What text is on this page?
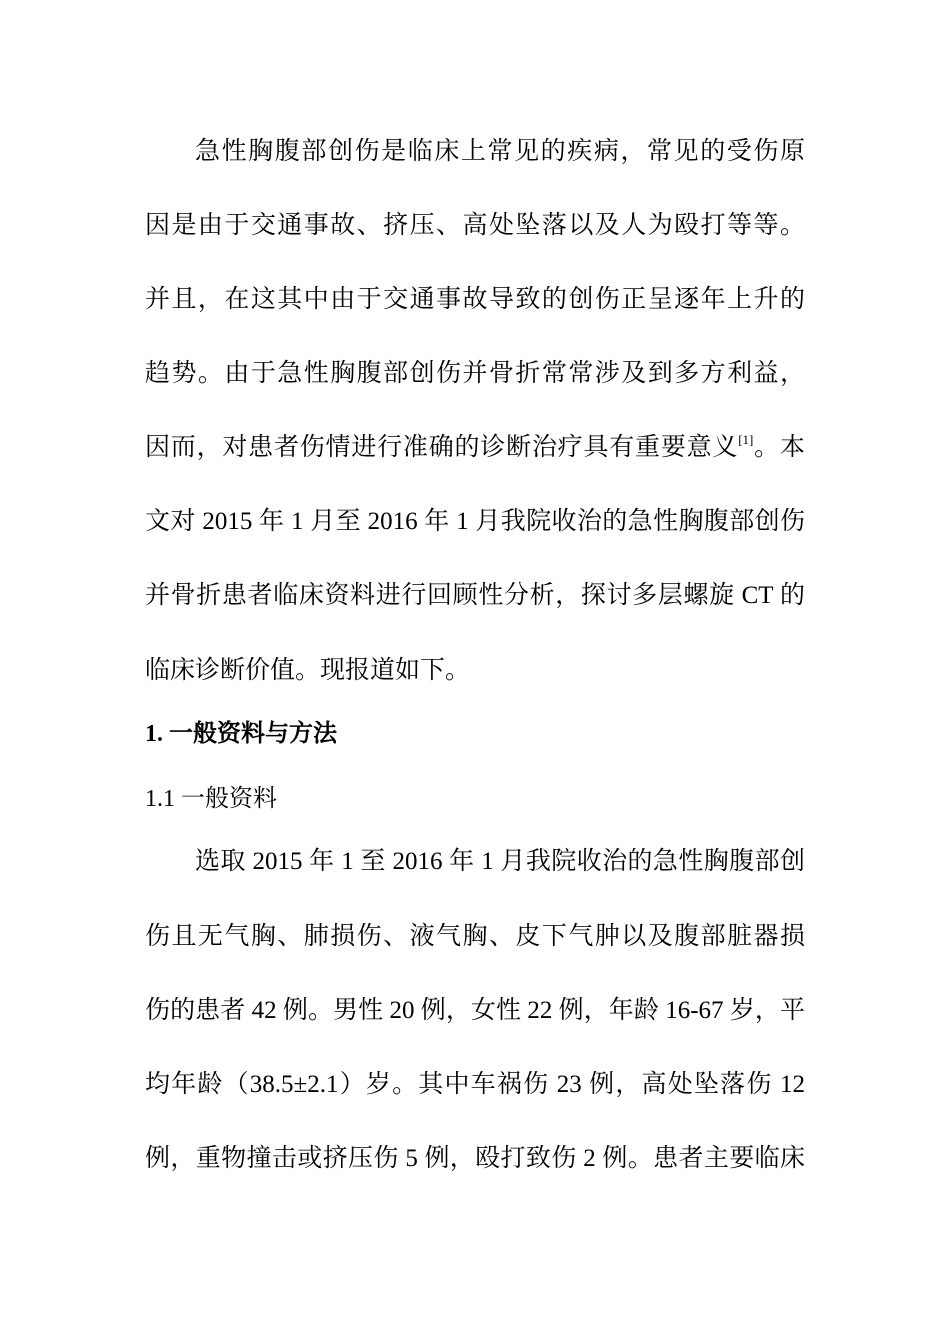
急性胸腹部创伤是临床上常见的疾病，常见的受伤原
因是由于交通事故、挤压、高处坠落以及人为殴打等等。
并且，在这其中由于交通事故导致的创伤正呈逐年上升的
趋势。由于急性胸腹部创伤并骨折常常涉及到多方利益，
因而，对患者伤情进行准确的诊断治疗具有重要意义[1]。本
文对 2015 年 1 月至 2016 年 1 月我院收治的急性胸腹部创伤
并骨折患者临床资料进行回顾性分析，探讨多层螺旋 CT 的
临床诊断价值。现报道如下。
1. 一般资料与方法
1.1 一般资料
选取 2015 年 1 至 2016 年 1 月我院收治的急性胸腹部创
伤且无气胸、肺损伤、液气胸、皮下气肿以及腹部脏器损
伤的患者 42 例。男性 20 例，女性 22 例，年龄 16-67 岁，平
均年龄（38.5±2.1）岁。其中车祸伤 23 例，高处坠落伤 12
例，重物撞击或挤压伤 5 例，殴打致伤 2 例。患者主要临床
